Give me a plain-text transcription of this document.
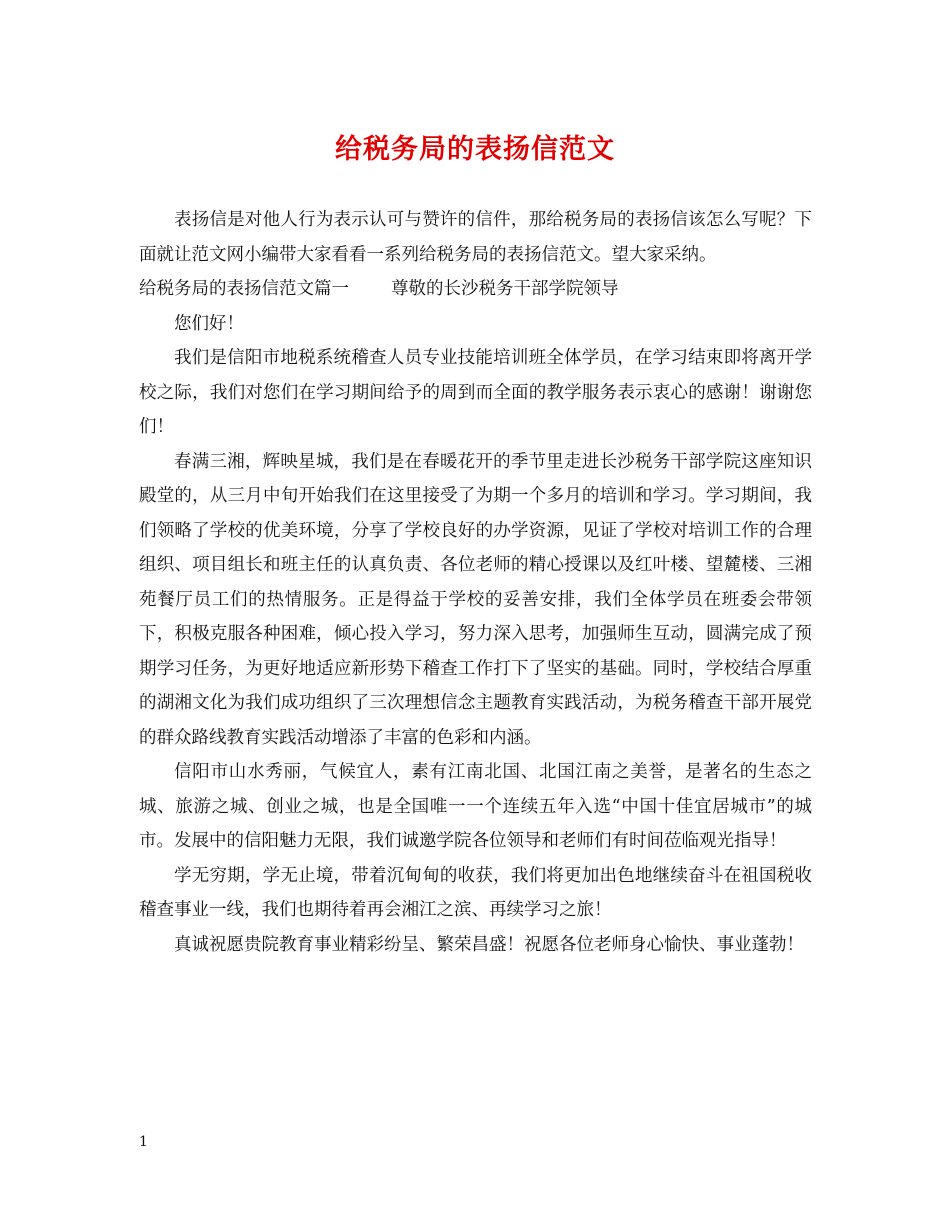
给税务局的表扬信范文

表扬信是对他人行为表示认可与赞许的信件，那给税务局的表扬信该怎么写呢？下面就让范文网小编带大家看看一系列给税务局的表扬信范文。望大家采纳。

给税务局的表扬信范文篇一 尊敬的长沙税务干部学院领导

您们好！

我们是信阳市地税系统稽查人员专业技能培训班全体学员，在学习结束即将离开学校之际，我们对您们在学习期间给予的周到而全面的教学服务表示衷心的感谢！谢谢您们！

春满三湘，辉映星城，我们是在春暖花开的季节里走进长沙税务干部学院这座知识殿堂的，从三月中旬开始我们在这里接受了为期一个多月的培训和学习。学习期间，我们领略了学校的优美环境，分享了学校良好的办学资源，见证了学校对培训工作的合理组织、项目组长和班主任的认真负责、各位老师的精心授课以及红叶楼、望麓楼、三湘苑餐厅员工们的热情服务。正是得益于学校的妥善安排，我们全体学员在班委会带领下，积极克服各种困难，倾心投入学习，努力深入思考，加强师生互动，圆满完成了预期学习任务，为更好地适应新形势下稽查工作打下了坚实的基础。同时，学校结合厚重的湖湘文化为我们成功组织了三次理想信念主题教育实践活动，为税务稽查干部开展党的群众路线教育实践活动增添了丰富的色彩和内涵。

信阳市山水秀丽，气候宜人，素有江南北国、北国江南之美誉，是著名的生态之城、旅游之城、创业之城，也是全国唯一一个连续五年入选“中国十佳宜居城市”的城市。发展中的信阳魅力无限，我们诚邀学院各位领导和老师们有时间莅临观光指导！

学无穷期，学无止境，带着沉甸甸的收获，我们将更加出色地继续奋斗在祖国税收稽查事业一线，我们也期待着再会湘江之滨、再续学习之旅！

真诚祝愿贵院教育事业精彩纷呈、繁荣昌盛！祝愿各位老师身心愉快、事业蓬勃！

1
